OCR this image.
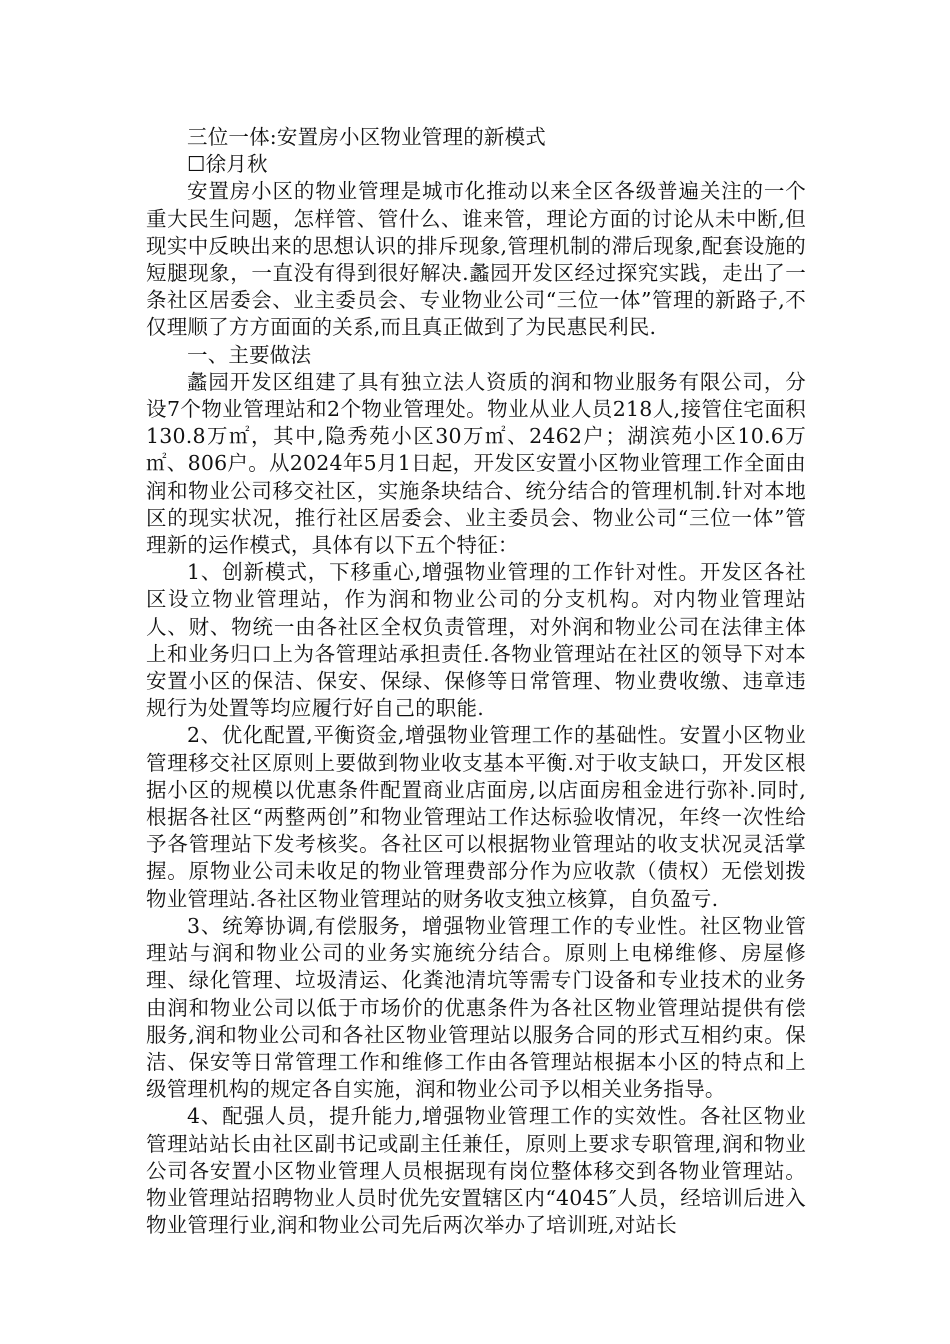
三位一体:安置房小区物业管理的新模式

☐徐月秋

安置房小区的物业管理是城市化推动以来全区各级普遍关注的一个重大民生问题，怎样管、管什么、谁来管，理论方面的讨论从未中断,但现实中反映出来的思想认识的排斥现象,管理机制的滞后现象,配套设施的短腿现象，一直没有得到很好解决.蠡园开发区经过探究实践，走出了一条社区居委会、业主委员会、专业物业公司“三位一体”管理的新路子,不仅理顺了方方面面的关系,而且真正做到了为民惠民利民.

一、主要做法

蠡园开发区组建了具有独立法人资质的润和物业服务有限公司，分设7个物业管理站和2个物业管理处。物业从业人员218人,接管住宅面积130.8万㎡，其中,隐秀苑小区30万㎡、2462户；湖滨苑小区10.6万㎡、806户。从2024年5月1日起，开发区安置小区物业管理工作全面由润和物业公司移交社区，实施条块结合、统分结合的管理机制.针对本地区的现实状况，推行社区居委会、业主委员会、物业公司“三位一体”管理新的运作模式，具体有以下五个特征：

1、创新模式，下移重心,增强物业管理的工作针对性。开发区各社区设立物业管理站，作为润和物业公司的分支机构。对内物业管理站人、财、物统一由各社区全权负责管理，对外润和物业公司在法律主体上和业务归口上为各管理站承担责任.各物业管理站在社区的领导下对本安置小区的保洁、保安、保绿、保修等日常管理、物业费收缴、违章违规行为处置等均应履行好自己的职能.

2、优化配置,平衡资金,增强物业管理工作的基础性。安置小区物业管理移交社区原则上要做到物业收支基本平衡.对于收支缺口，开发区根据小区的规模以优惠条件配置商业店面房,以店面房租金进行弥补.同时,根据各社区“两整两创”和物业管理站工作达标验收情况，年终一次性给予各管理站下发考核奖。各社区可以根据物业管理站的收支状况灵活掌握。原物业公司未收足的物业管理费部分作为应收款（债权）无偿划拨物业管理站.各社区物业管理站的财务收支独立核算，自负盈亏.

3、统筹协调,有偿服务，增强物业管理工作的专业性。社区物业管理站与润和物业公司的业务实施统分结合。原则上电梯维修、房屋修理、绿化管理、垃圾清运、化粪池清坑等需专门设备和专业技术的业务由润和物业公司以低于市场价的优惠条件为各社区物业管理站提供有偿服务,润和物业公司和各社区物业管理站以服务合同的形式互相约束。保洁、保安等日常管理工作和维修工作由各管理站根据本小区的特点和上级管理机构的规定各自实施，润和物业公司予以相关业务指导。

4、配强人员，提升能力,增强物业管理工作的实效性。各社区物业管理站站长由社区副书记或副主任兼任，原则上要求专职管理,润和物业公司各安置小区物业管理人员根据现有岗位整体移交到各物业管理站。物业管理站招聘物业人员时优先安置辖区内“4045″人员，经培训后进入物业管理行业,润和物业公司先后两次举办了培训班,对站长
